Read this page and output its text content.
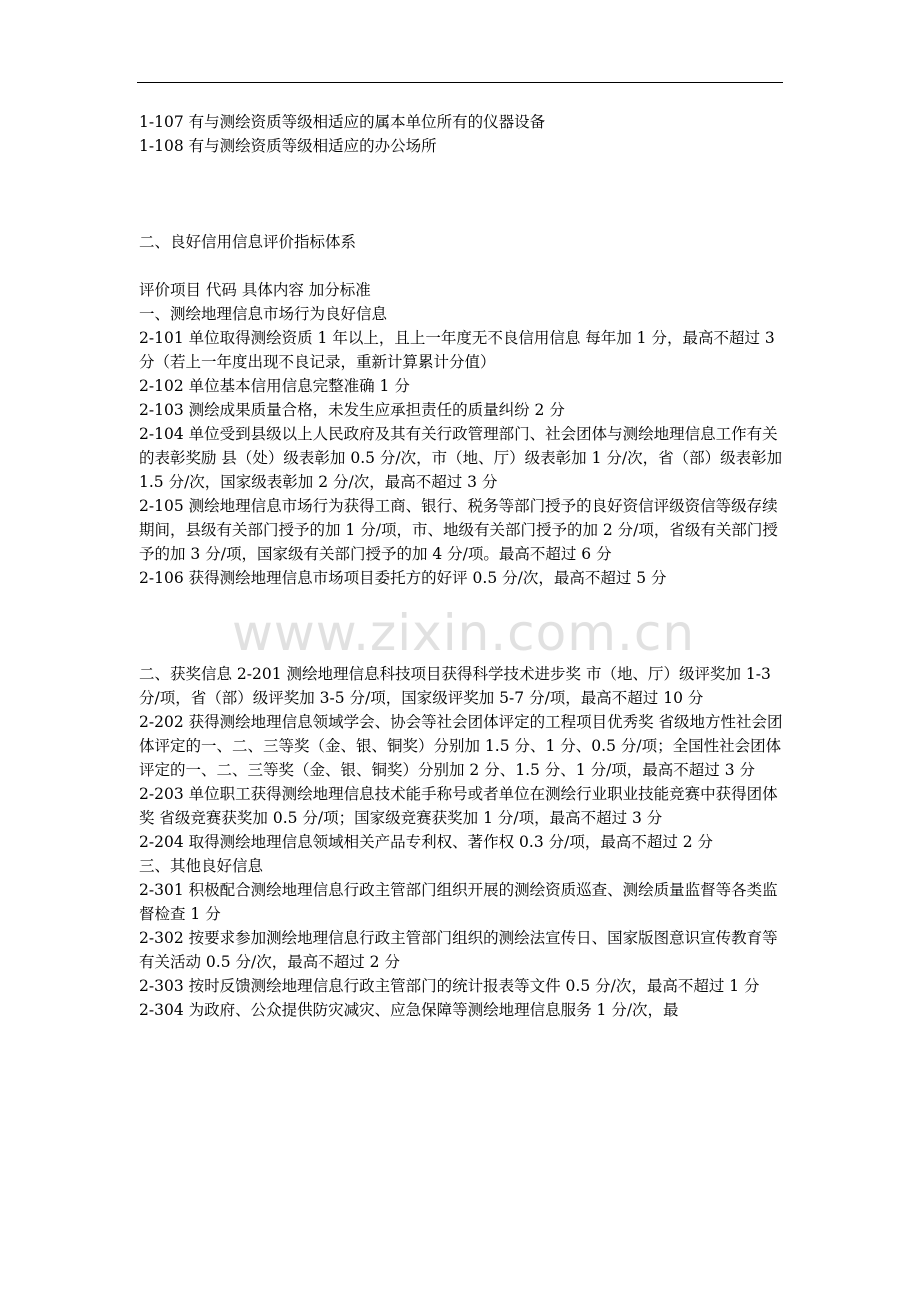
1-107 有与测绘资质等级相适应的属本单位所有的仪器设备

1-108 有与测绘资质等级相适应的办公场所

二、良好信用信息评价指标体系

评价项目 代码 具体内容 加分标准

一、测绘地理信息市场行为良好信息

2-101 单位取得测绘资质 1 年以上，且上一年度无不良信用信息 每年加 1 分，最高不超过 3 分（若上一年度出现不良记录，重新计算累计分值）

2-102 单位基本信用信息完整准确 1 分

2-103 测绘成果质量合格，未发生应承担责任的质量纠纷 2 分

2-104 单位受到县级以上人民政府及其有关行政管理部门、社会团体与测绘地理信息工作有关的表彰奖励 县（处）级表彰加 0.5 分/次，市（地、厅）级表彰加 1 分/次，省（部）级表彰加 1.5 分/次，国家级表彰加 2 分/次，最高不超过 3 分

2-105 测绘地理信息市场行为获得工商、银行、税务等部门授予的良好资信评级资信等级存续期间，县级有关部门授予的加 1 分/项，市、地级有关部门授予的加 2 分/项，省级有关部门授予的加 3 分/项，国家级有关部门授予的加 4 分/项。最高不超过 6 分

2-106 获得测绘地理信息市场项目委托方的好评 0.5 分/次，最高不超过 5 分

二、获奖信息 2-201 测绘地理信息科技项目获得科学技术进步奖 市（地、厅）级评奖加 1-3 分/项，省（部）级评奖加 3-5 分/项，国家级评奖加 5-7 分/项，最高不超过 10 分

2-202 获得测绘地理信息领域学会、协会等社会团体评定的工程项目优秀奖 省级地方性社会团体评定的一、二、三等奖（金、银、铜奖）分别加 1.5 分、1 分、0.5 分/项；全国性社会团体评定的一、二、三等奖（金、银、铜奖）分别加 2 分、1.5 分、1 分/项，最高不超过 3 分

2-203 单位职工获得测绘地理信息技术能手称号或者单位在测绘行业职业技能竞赛中获得团体奖 省级竞赛获奖加 0.5 分/项；国家级竞赛获奖加 1 分/项，最高不超过 3 分

2-204 取得测绘地理信息领域相关产品专利权、著作权 0.3 分/项，最高不超过 2 分

三、其他良好信息

2-301 积极配合测绘地理信息行政主管部门组织开展的测绘资质巡查、测绘质量监督等各类监督检查 1 分

2-302 按要求参加测绘地理信息行政主管部门组织的测绘法宣传日、国家版图意识宣传教育等有关活动 0.5 分/次，最高不超过 2 分

2-303 按时反馈测绘地理信息行政主管部门的统计报表等文件 0.5 分/次，最高不超过 1 分

2-304 为政府、公众提供防灾减灾、应急保障等测绘地理信息服务 1 分/次，最

www.zixin.com.cn
